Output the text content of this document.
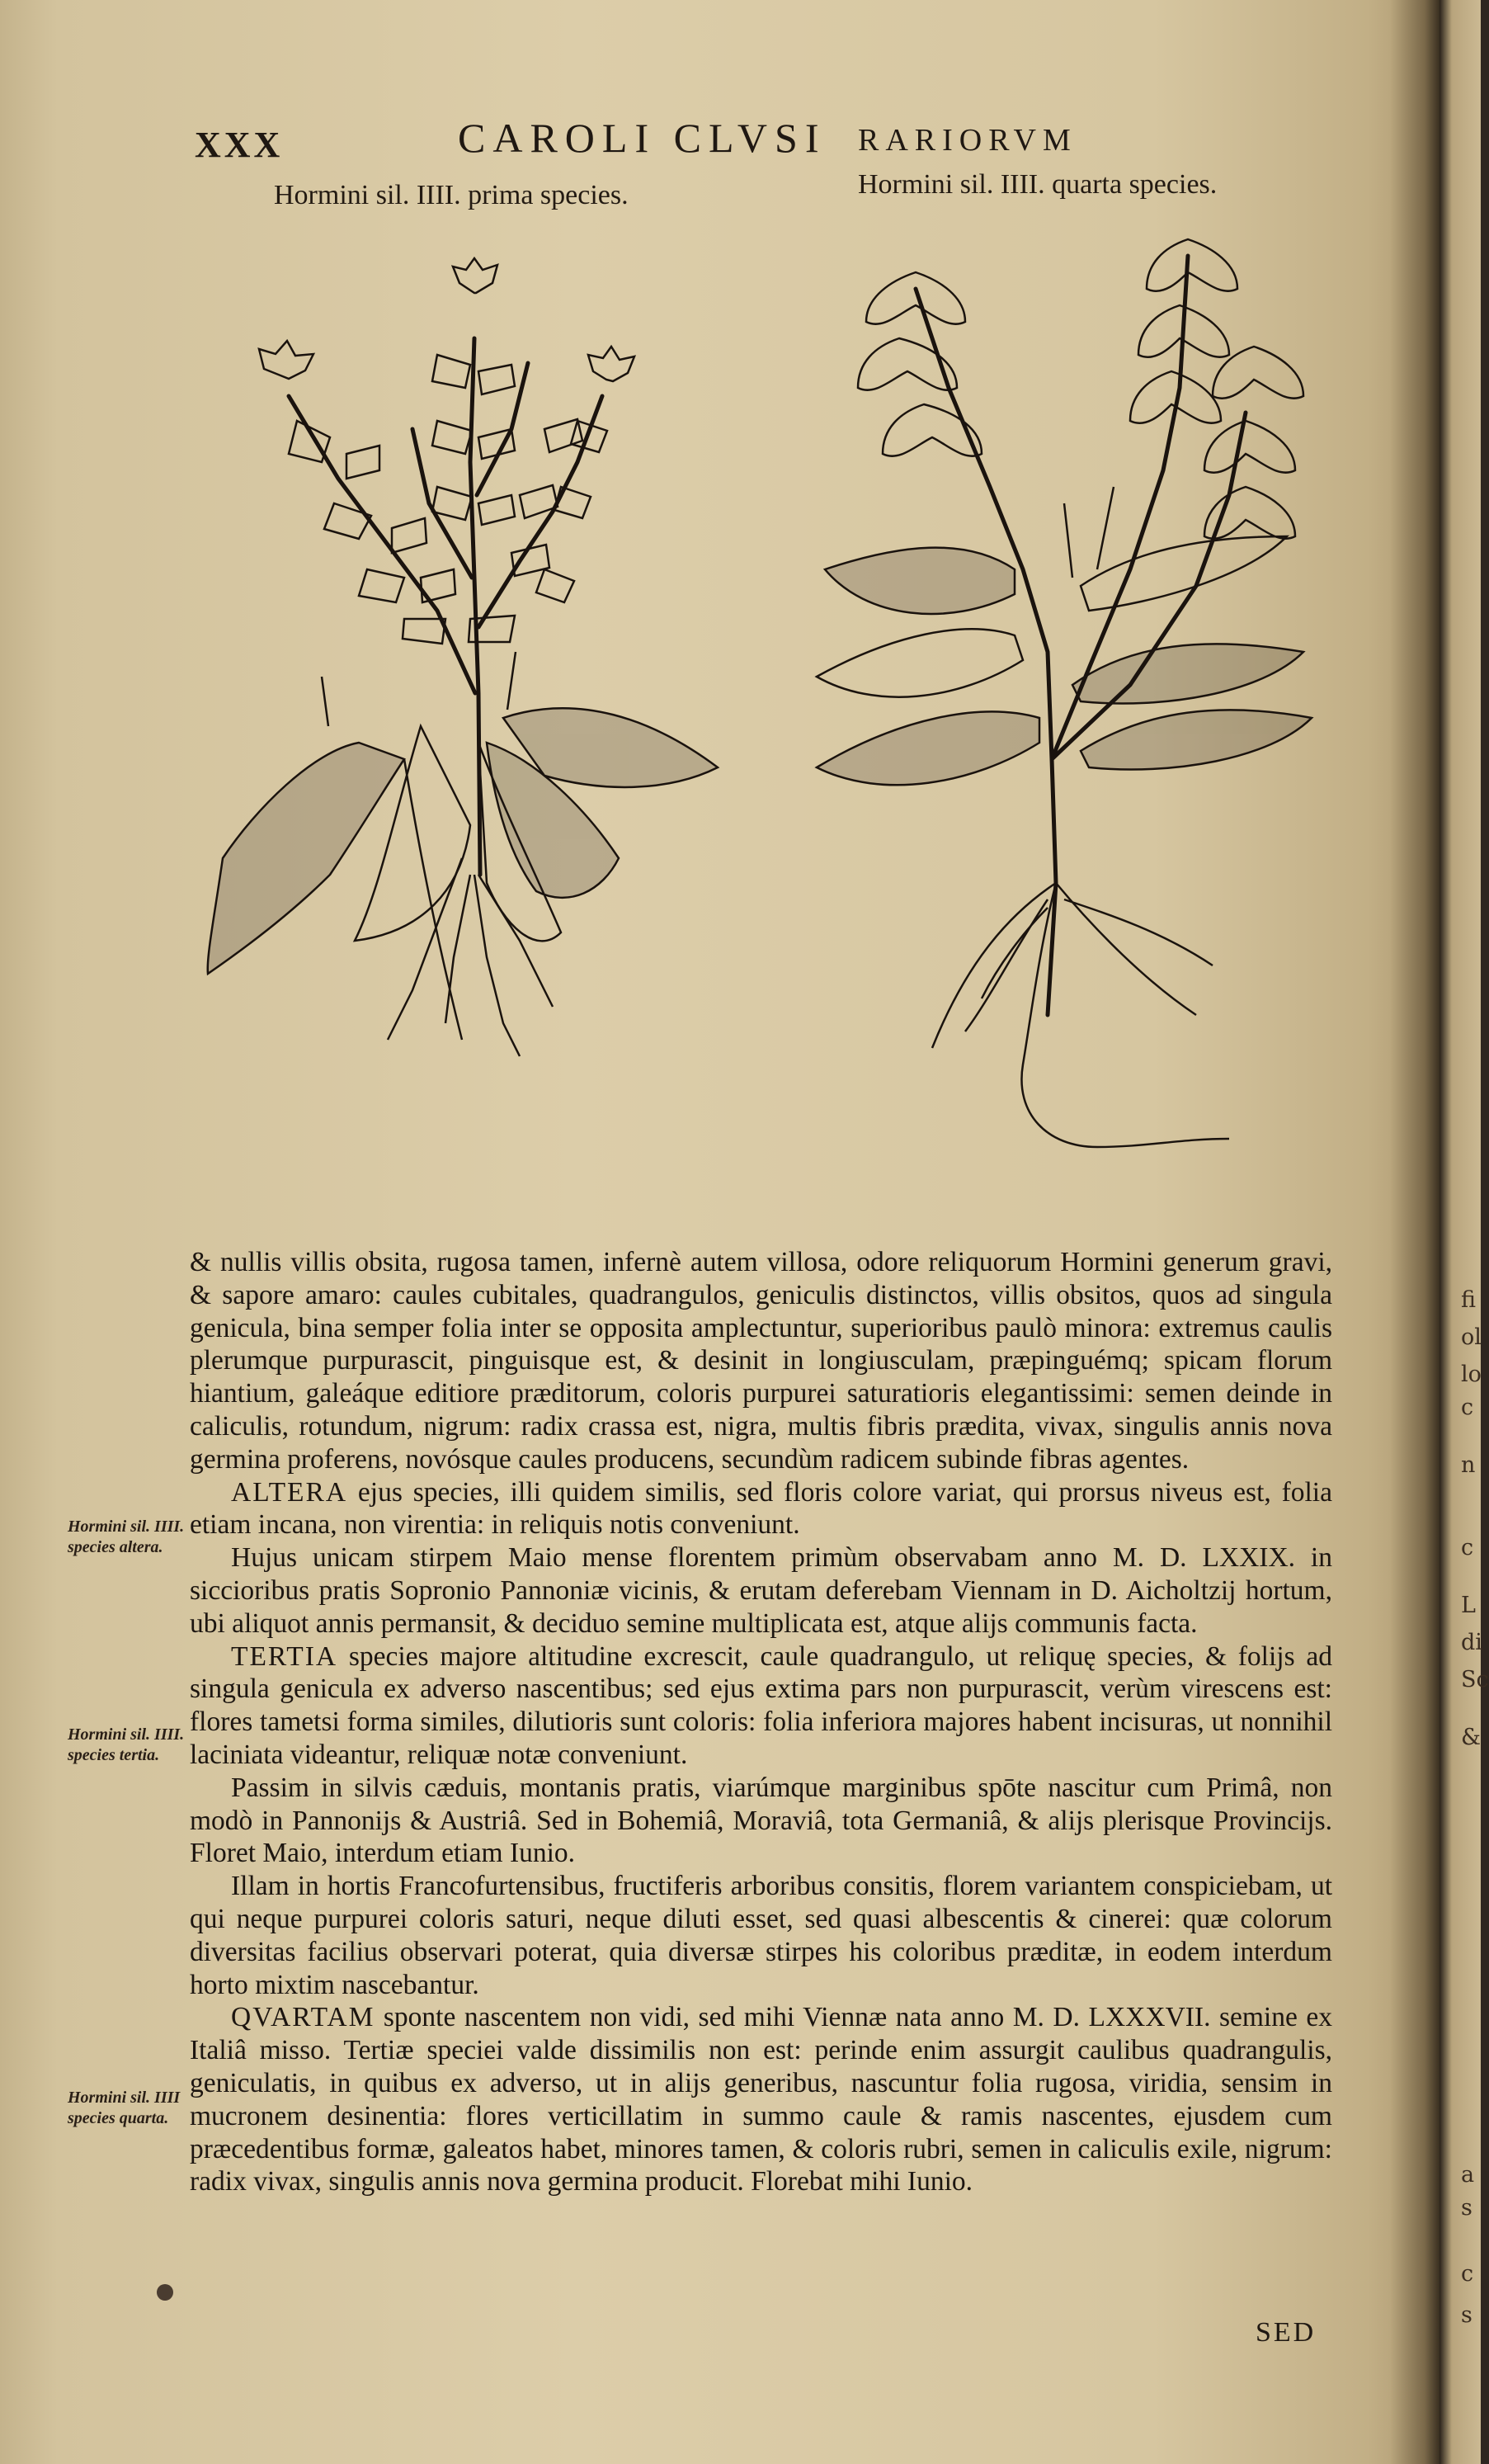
XXX	CAROLI CLVSI RARIORVM
Hormini sil. IIII. prima species.	Hormini sil. IIII. quarta species.
Hormini sil. IIII. species altera.
Hormini sil. IIII. species tertia.
Hormini sil. IIII species quarta.

& nullis villis obsita, rugosa tamen, infernè autem villosa, odore reliquorum Hormini generum gravi, & sapore amaro: caules cubitales, quadrangulos, geniculis distinctos, villis obsitos, quos ad singula genicula, bina semper folia inter se opposita amplectuntur, superioribus paulò minora: extremus caulis plerumque purpurascit, pinguisque est, & desinit in longiusculam, præpinguémq; spicam florum hiantium, galeáque editiore præditorum, coloris purpurei saturatioris elegantissimi: semen deinde in caliculis, rotundum, nigrum: radix crassa est, nigra, multis fibris prædita, vivax, singulis annis nova germina proferens, novósque caules producens, secundùm radicem subinde fibras agentes.

ALTERA ejus species, illi quidem similis, sed floris colore variat, qui prorsus niveus est, folia etiam incana, non virentia: in reliquis notis conveniunt.

Hujus unicam stirpem Maio mense florentem primùm observabam anno M. D. LXXIX. in siccioribus pratis Sopronio Pannoniæ vicinis, & erutam deferebam Viennam in D. Aicholtzij hortum, ubi aliquot annis permansit, & deciduo semine multiplicata est, atque alijs communis facta.

TERTIA species majore altitudine excrescit, caule quadrangulo, ut reliquę species, & folijs ad singula genicula ex adverso nascentibus; sed ejus extima pars non purpurascit, verùm virescens est: flores tametsi forma similes, dilutioris sunt coloris: folia inferiora majores habent incisuras, ut nonnihil laciniata videantur, reliquæ notæ conveniunt.

Passim in silvis cæduis, montanis pratis, viarúmque marginibus spōte nascitur cum Primâ, non modò in Pannonijs & Austriâ. Sed in Bohemiâ, Moraviâ, tota Germaniâ, & alijs plerisque Provincijs. Floret Maio, interdum etiam Iunio.

Illam in hortis Francofurtensibus, fructiferis arboribus consitis, florem variantem conspiciebam, ut qui neque purpurei coloris saturi, neque diluti esset, sed quasi albescentis & cinerei: quæ colorum diversitas facilius observari poterat, quia diversæ stirpes his coloribus præditæ, in eodem interdum horto mixtim nascebantur.

QVARTAM sponte nascentem non vidi, sed mihi Viennæ nata anno M. D. LXXXVII. semine ex Italiâ misso. Tertiæ speciei valde dissimilis non est: perinde enim assurgit caulibus quadrangulis, geniculatis, in quibus ex adverso, ut in alijs generibus, nascuntur folia rugosa, viridia, sensim in mucronem desinentia: flores verticillatim in summo caule & ramis nascentes, ejusdem cum præcedentibus formæ, galeatos habet, minores tamen, & coloris rubri, semen in caliculis exile, nigrum: radix vivax, singulis annis nova germina producit. Florebat mihi Iunio.

SED
fi
ol
lo
c
n
c
L
di
Sc
&
a
s
c
s
